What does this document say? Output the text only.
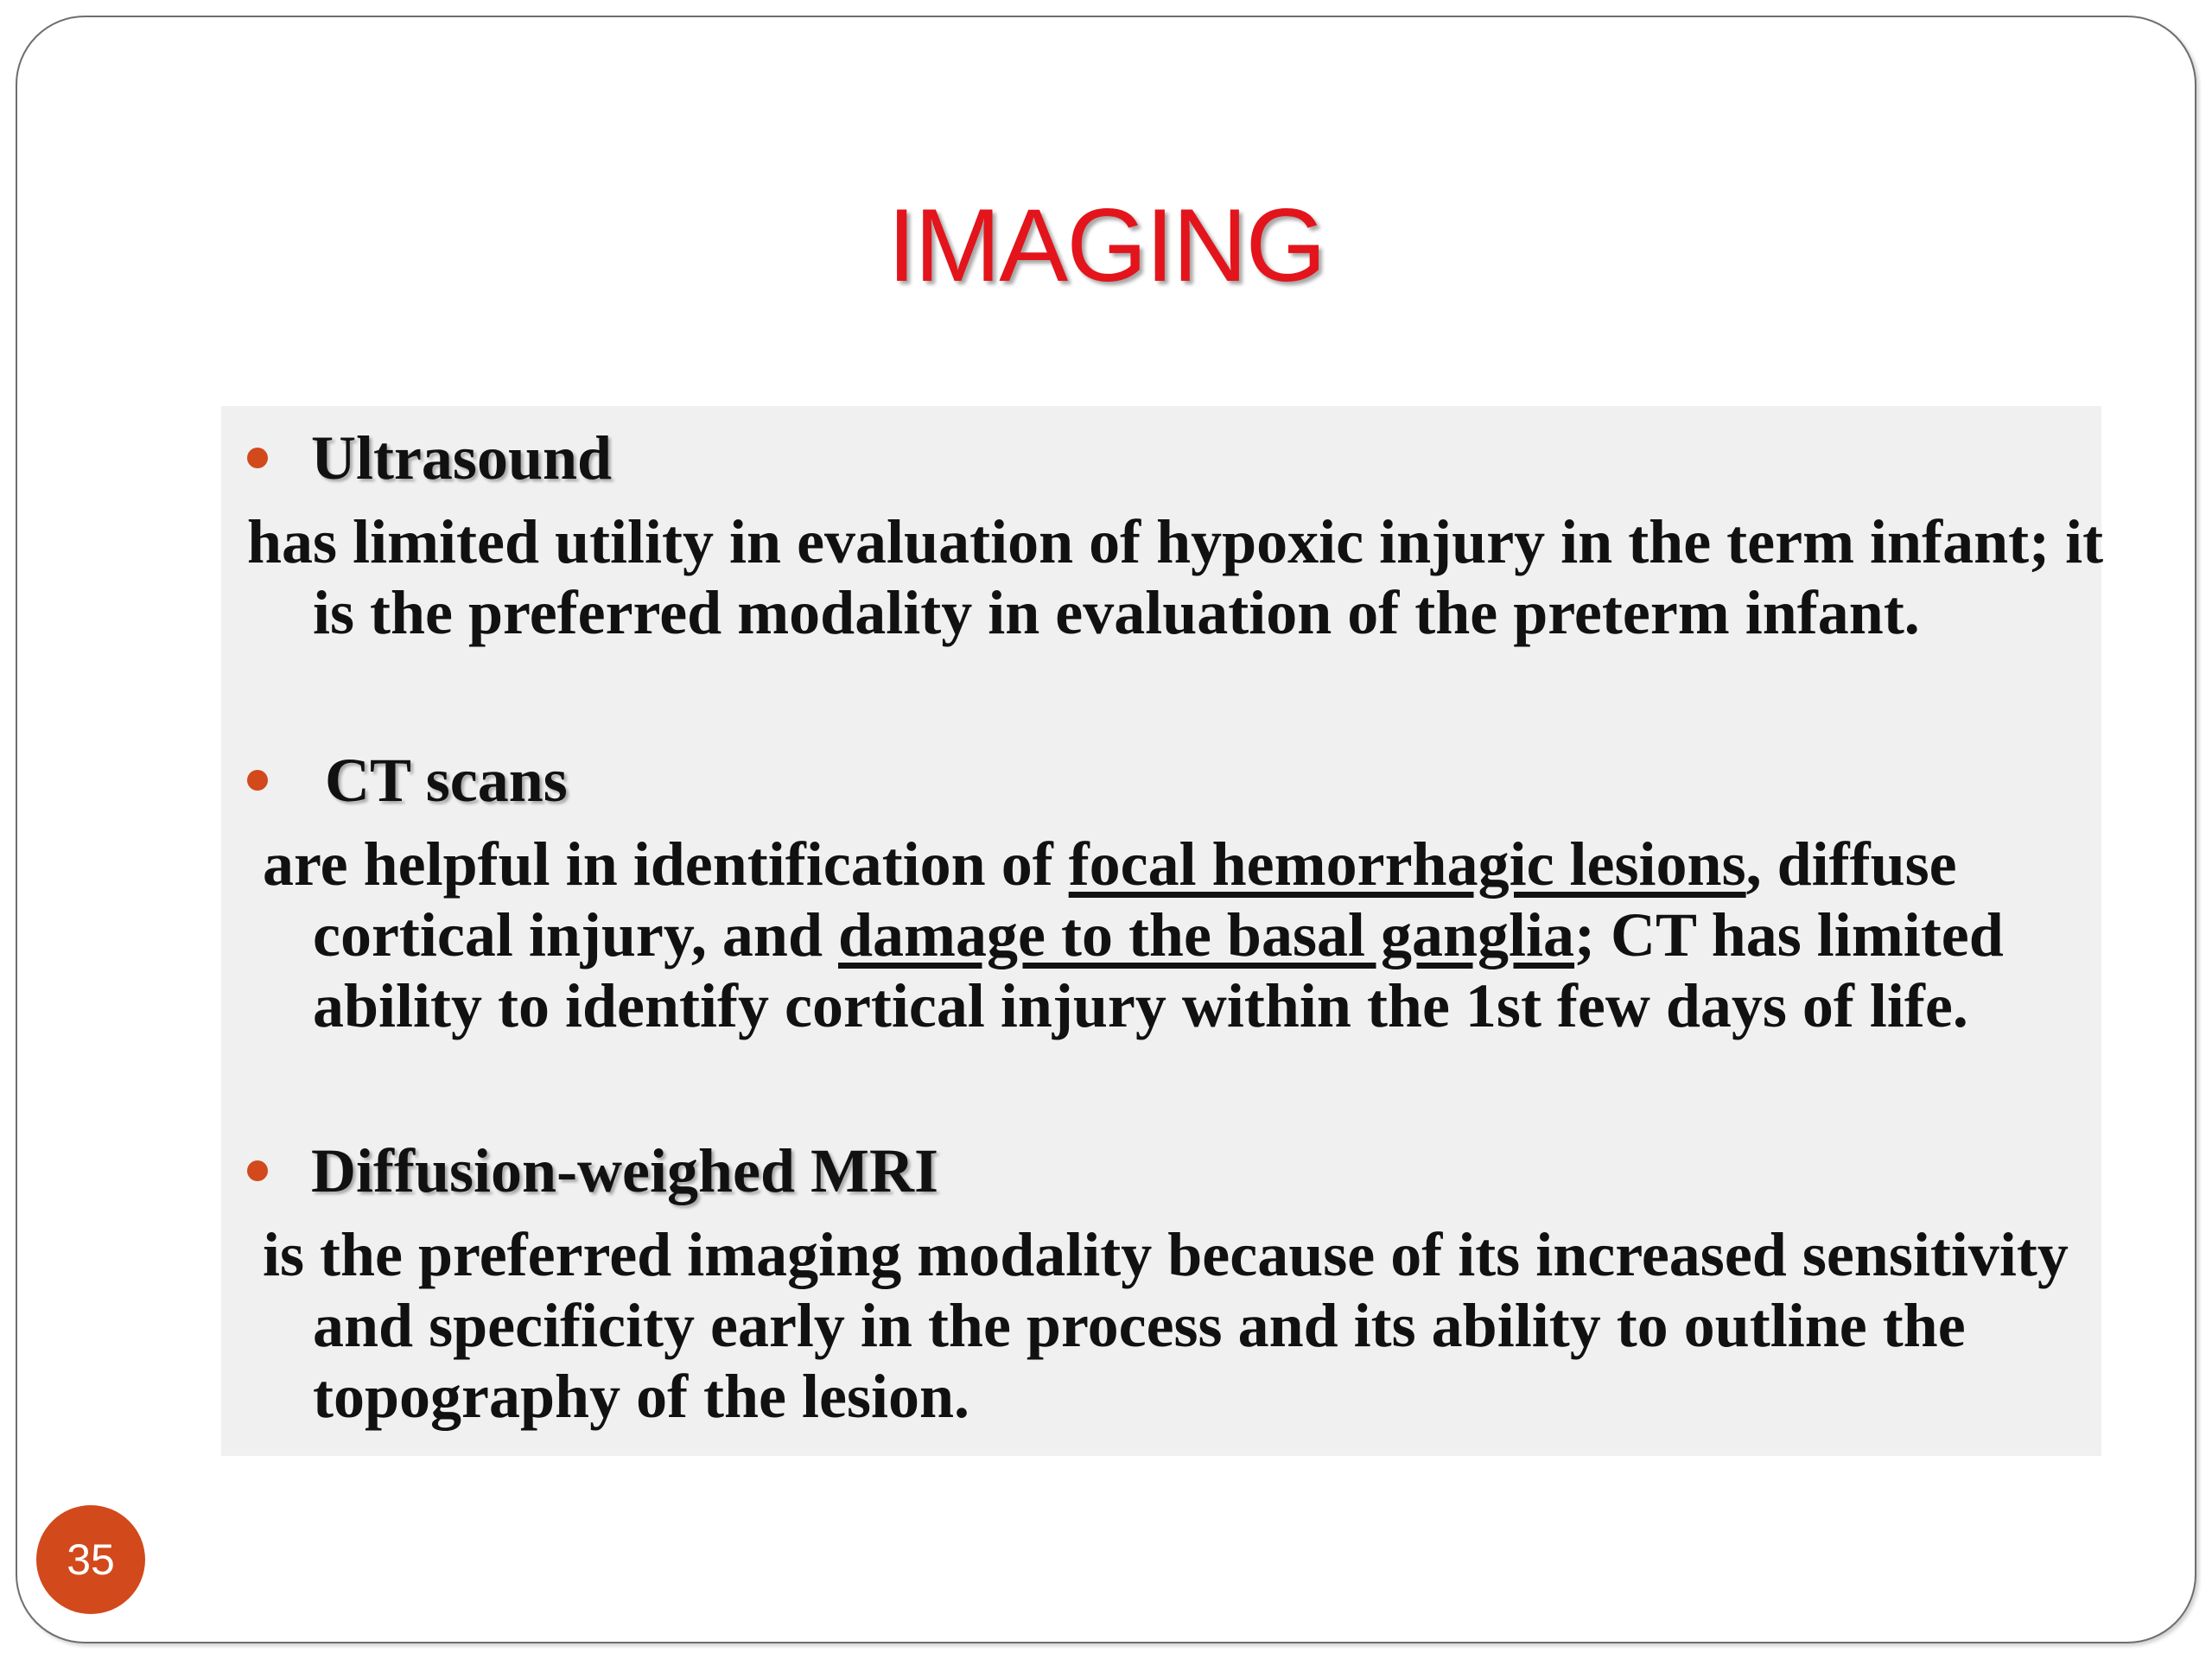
IMAGING
Ultrasound

has limited utility in evaluation of hypoxic injury in the term infant; it is the preferred modality in evaluation of the preterm infant.

CT scans

are helpful in identification of focal hemorrhagic lesions, diffuse cortical injury, and damage to the basal ganglia; CT has limited ability to identify cortical injury within the 1st few days of life.

Diffusion-weighed MRI

is the preferred imaging modality because of its increased sensitivity and specificity early in the process and its ability to outline the topography of the lesion.

35
